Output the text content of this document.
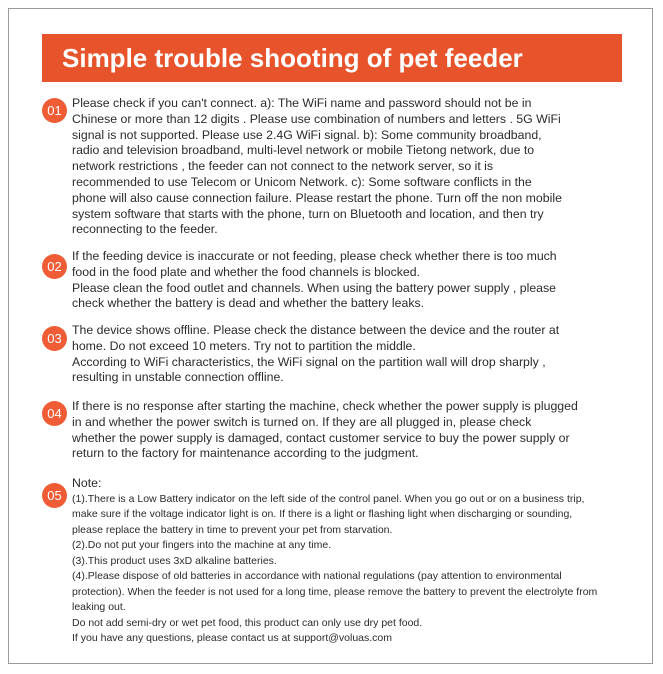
Simple trouble shooting of pet feeder
01 Please check if you can't connect. a): The WiFi name and password should not be in

Chinese or more than 12 digits . Please use combination of numbers and letters . 5G WiFi

signal is not supported. Please use 2.4G WiFi signal. b): Some community broadband,

radio and television broadband, multi-level network or mobile Tietong network, due to

network restrictions , the feeder can not connect to the network server, so it is

recommended to use Telecom or Unicom Network. c): Some software conflicts in the

phone will also cause connection failure. Please restart the phone. Turn off the non mobile

system software that starts with the phone, turn on Bluetooth and location, and then try

reconnecting to the feeder.

02

If the feeding device is inaccurate or not feeding, please check whether there is too much

food in the food plate and whether the food channels is blocked.

Please clean the food outlet and channels. When using the battery power supply , please

check whether the battery is dead and whether the battery leaks.

03

The device shows offline. Please check the distance between the device and the router at

home. Do not exceed 10 meters. Try not to partition the middle.

According to WiFi characteristics, the WiFi signal on the partition wall will drop sharply ,

resulting in unstable connection offline.

04 If there is no response after starting the machine, check whether the power supply is plugged

in and whether the power switch is turned on. If they are all plugged in, please check

whether the power supply is damaged, contact customer service to buy the power supply or

return to the factory for maintenance according to the judgment.

05

Note:

(1).There is a Low Battery indicator on the left side of the control panel. When you go out or on a business trip,

make sure if the voltage indicator light is on. If there is a light or flashing light when discharging or sounding,

please replace the battery in time to prevent your pet from starvation.

(2).Do not put your fingers into the machine at any time.

(3).This product uses 3xD alkaline batteries.

(4).Please dispose of old batteries in accordance with national regulations (pay attention to environmental

protection). When the feeder is not used for a long time, please remove the battery to prevent the electrolyte from

leaking out.

Do not add semi-dry or wet pet food, this product can only use dry pet food.

If you have any questions, please contact us at support@voluas.com
